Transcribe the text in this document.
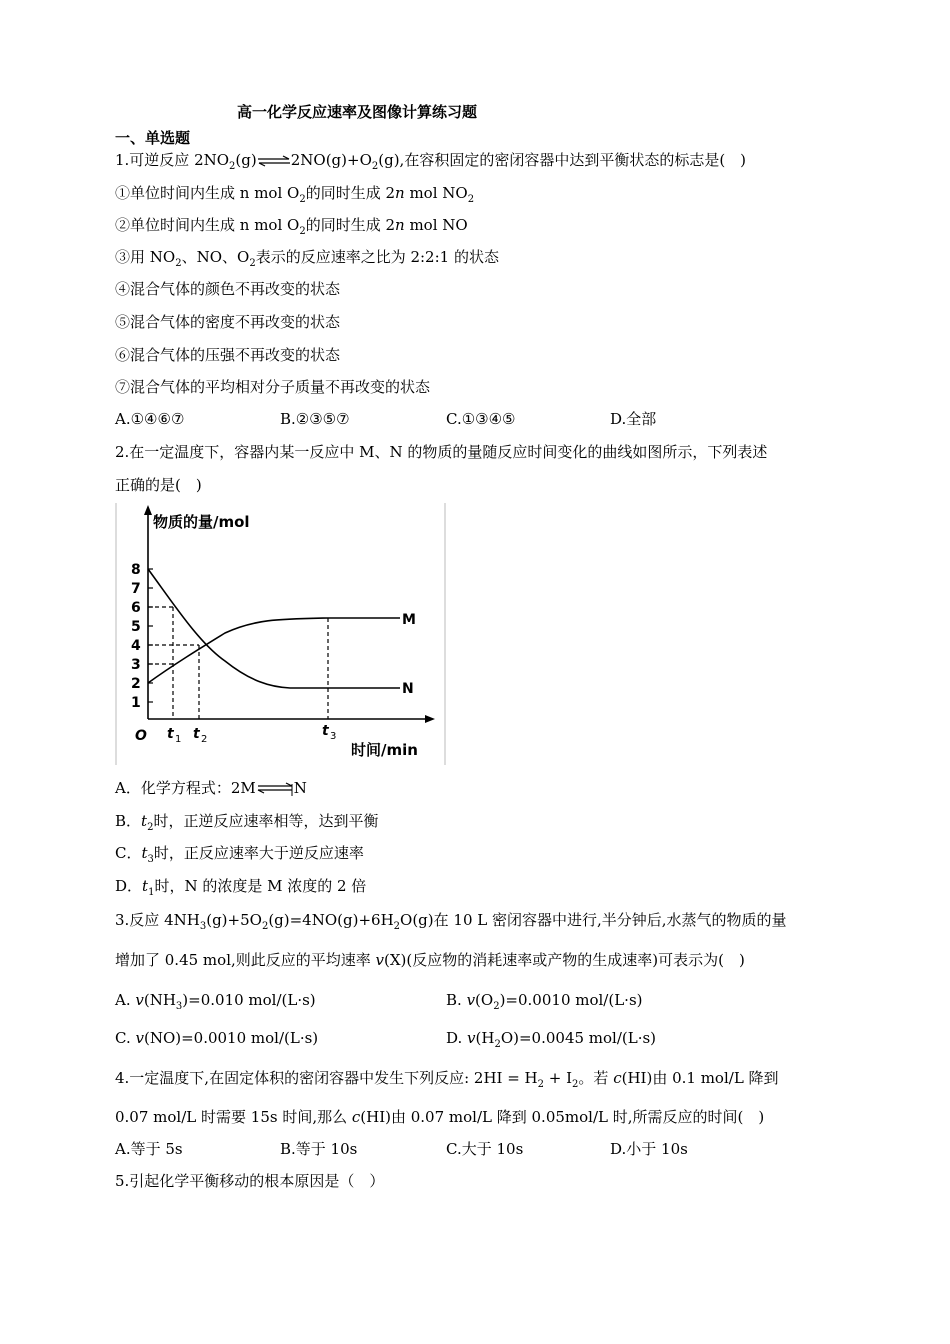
高一化学反应速率及图像计算练习题
一、单选题
1.可逆反应 $2NO_2(g)\rightleftharpoons 2NO(g)+O_2(g)$,在容积固定的密闭容器中达到平衡状态的标志是(　)
①单位时间内生成 n mol $O_2$的同时生成 2n mol $NO_2$
②单位时间内生成 n mol $O_2$的同时生成 2n mol NO
③用 $NO_2$、NO、$O_2$表示的反应速率之比为 2:2:1 的状态
④混合气体的颜色不再改变的状态
⑤混合气体的密度不再改变的状态
⑥混合气体的压强不再改变的状态
⑦混合气体的平均相对分子质量不再改变的状态
A.①④⑥⑦	B.②③⑤⑦	C.①③④⑤	D.全部
2.在一定温度下，容器内某一反应中 M、N 的物质的量随反应时间变化的曲线如图所示，下列表述
正确的是(　)
物质的量/mol
时间/min
O
8
7
6
5
4
3
2
1
M
N
t 1 t 2
t 3
A．化学方程式：2M⇌N
B．$t_2$时，正逆反应速率相等，达到平衡
C．$t_3$时，正反应速率大于逆反应速率
D．$t_1$时，N 的浓度是 M 浓度的 2 倍
3.反应 $4NH_3(g)+5O_2(g)=4NO(g)+6H_2O(g)$在 10 L 密闭容器中进行,半分钟后,水蒸气的物质的量
增加了 0.45 mol,则此反应的平均速率 v(X)(反应物的消耗速率或产物的生成速率)可表示为(　)
A. $v(NH_3)=0.010$ mol/(L·s)	B. $v(O_2)=0.0010$ mol/(L·s)
C. v(NO)=0.0010 mol/(L·s)	D. $v(H_2O)=0.0045$ mol/(L·s)
4.一定温度下,在固定体积的密闭容器中发生下列反应: $2HI = H_2 + I_2$。若 c(HI)由 0.1 mol/L 降到
0.07 mol/L 时需要 15s 时间,那么 c(HI)由 0.07 mol/L 降到 0.05mol/L 时,所需反应的时间(　)
A.等于 5s	B.等于 10s	C.大于 10s	D.小于 10s
5.引起化学平衡移动的根本原因是（　）
